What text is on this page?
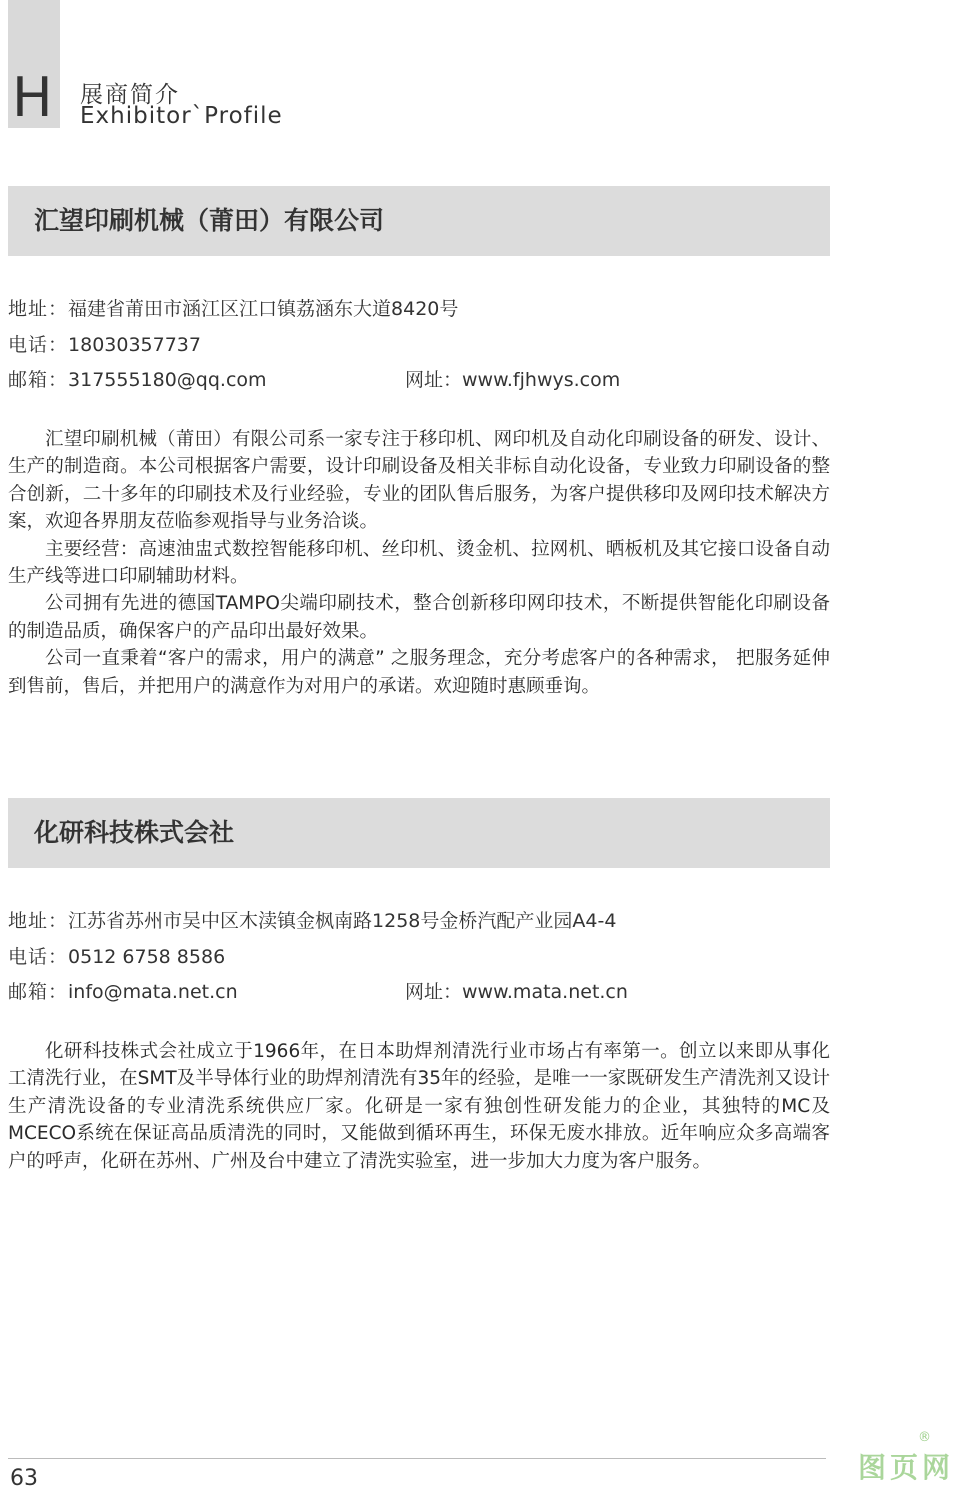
H 展商简介
Exhibitor`Profile
汇望印刷机械（莆田）有限公司
地址：福建省莆田市涵江区江口镇荔涵东大道8420号
电话：18030357737
邮箱：317555180@qq.com	网址：www.fjhwys.com

汇望印刷机械（莆田）有限公司系一家专注于移印机、网印机及自动化印刷设备的研发、设计、生产的制造商。本公司根据客户需要，设计印刷设备及相关非标自动化设备，专业致力印刷设备的整合创新，二十多年的印刷技术及行业经验，专业的团队售后服务，为客户提供移印及网印技术解决方案，欢迎各界朋友莅临参观指导与业务洽谈。

主要经营：高速油盅式数控智能移印机、丝印机、烫金机、拉网机、晒板机及其它接口设备自动生产线等进口印刷辅助材料。

公司拥有先进的德国TAMPO尖端印刷技术，整合创新移印网印技术，不断提供智能化印刷设备的制造品质，确保客户的产品印出最好效果。

公司一直秉着“客户的需求，用户的满意” 之服务理念，充分考虑客户的各种需求， 把服务延伸到售前，售后，并把用户的满意作为对用户的承诺。欢迎随时惠顾垂询。

化研科技株式会社
地址：江苏省苏州市吴中区木渎镇金枫南路1258号金桥汽配产业园A4-4
电话：0512 6758 8586
邮箱：info@mata.net.cn	网址：www.mata.net.cn

化研科技株式会社成立于1966年，在日本助焊剂清洗行业市场占有率第一。创立以来即从事化工清洗行业，在SMT及半导体行业的助焊剂清洗有35年的经验，是唯一一家既研发生产清洗剂又设计生产清洗设备的专业清洗系统供应厂家。化研是一家有独创性研发能力的企业，其独特的MC及MCECO系统在保证高品质清洗的同时，又能做到循环再生，环保无废水排放。近年响应众多高端客户的呼声，化研在苏州、广州及台中建立了清洗实验室，进一步加大力度为客户服务。

63	图页网
®
